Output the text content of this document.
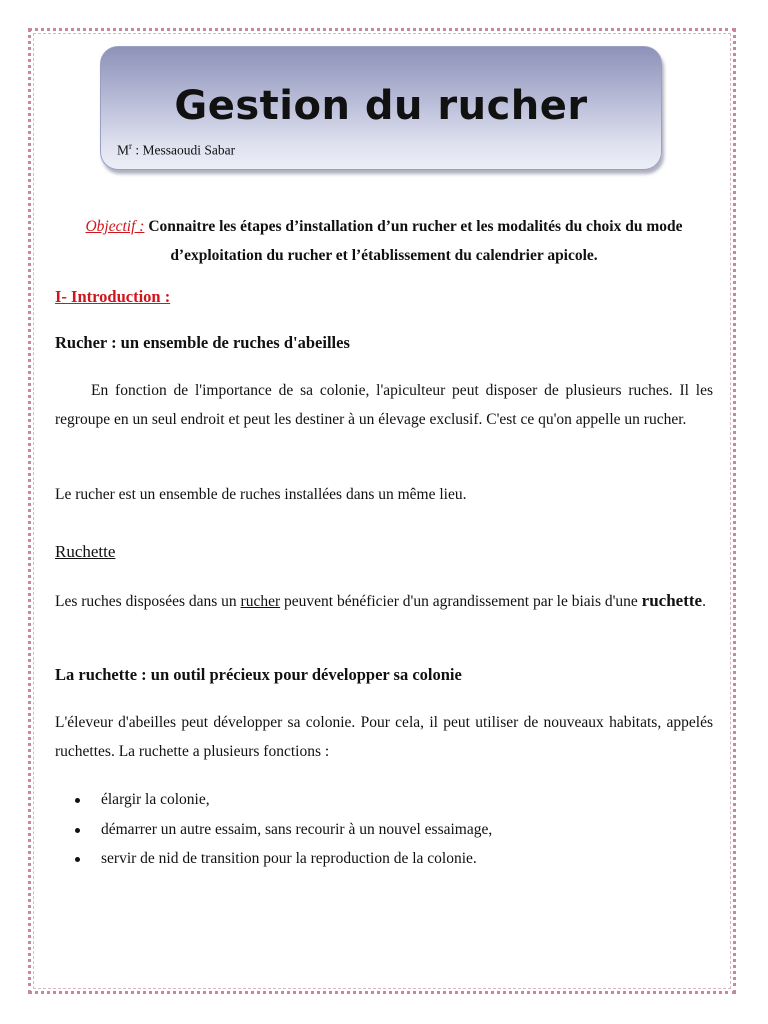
Gestion du rucher
$M^r$ : Messaoudi Sabar
Objectif : Connaitre les étapes d’installation d’un rucher et les modalités du choix du mode d’exploitation du rucher et l’établissement du calendrier apicole.
I- Introduction :
Rucher : un ensemble de ruches d'abeilles
En fonction de l'importance de sa colonie, l'apiculteur peut disposer de plusieurs ruches. Il les regroupe en un seul endroit et peut les destiner à un élevage exclusif. C'est ce qu'on appelle un rucher.
Le rucher est un ensemble de ruches installées dans un même lieu.
Ruchette
Les ruches disposées dans un rucher peuvent bénéficier d'un agrandissement par le biais d'une ruchette.
La ruchette : un outil précieux pour développer sa colonie
L'éleveur d'abeilles peut développer sa colonie. Pour cela, il peut utiliser de nouveaux habitats, appelés ruchettes. La ruchette a plusieurs fonctions :
élargir la colonie,
démarrer un autre essaim, sans recourir à un nouvel essaimage,
servir de nid de transition pour la reproduction de la colonie.
